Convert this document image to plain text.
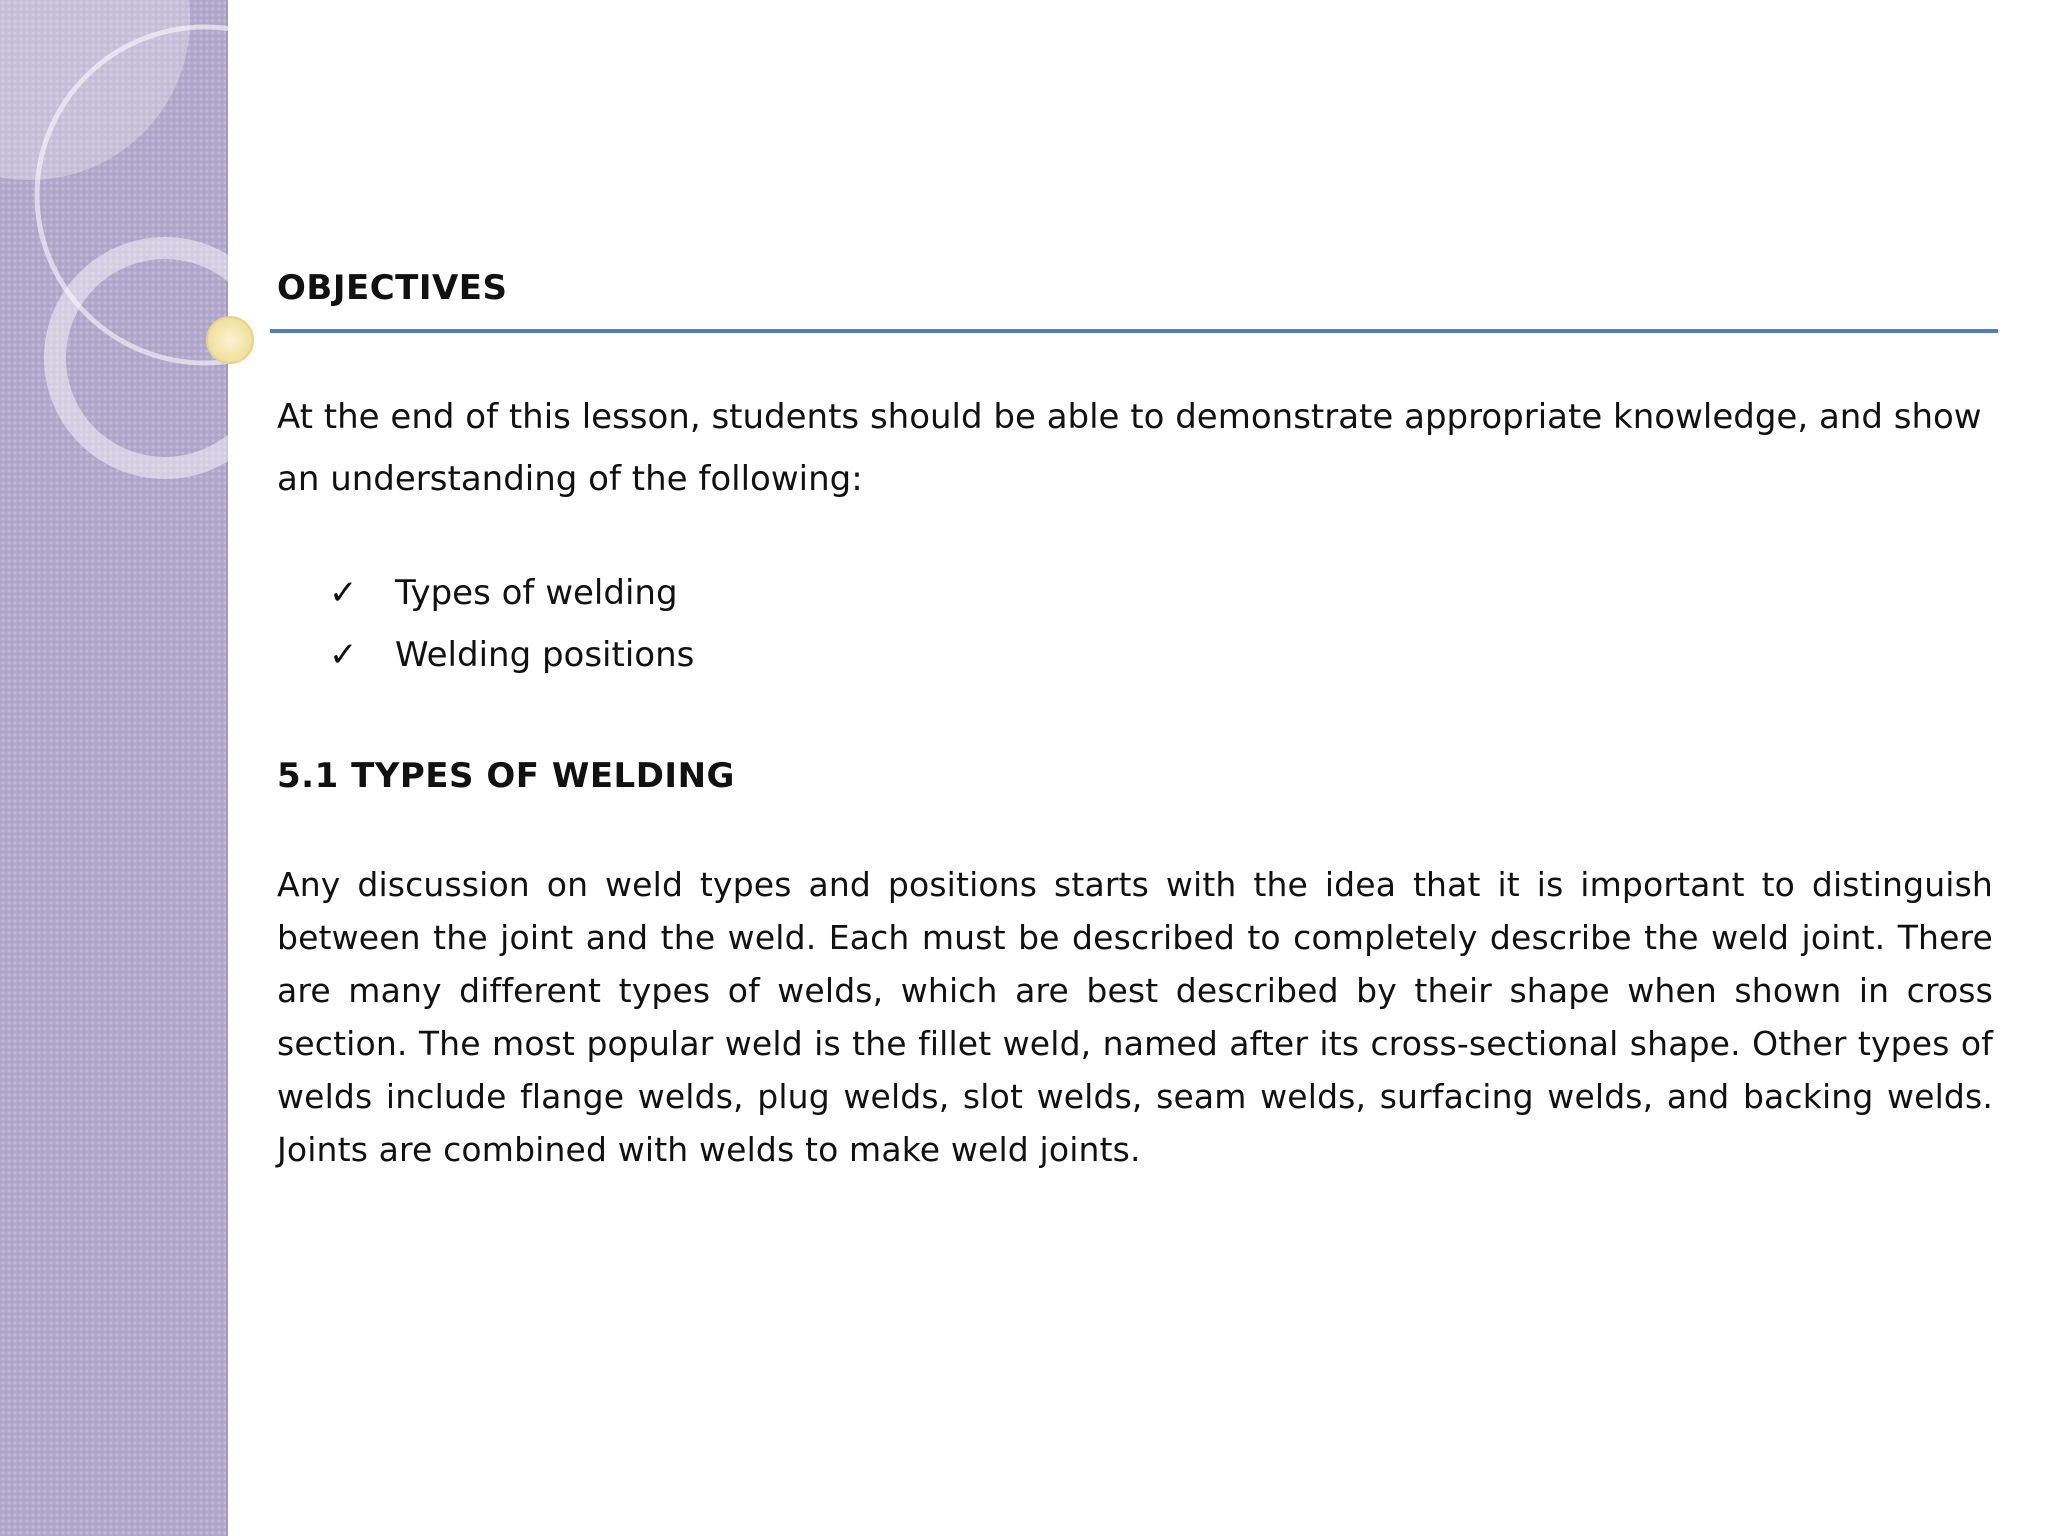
OBJECTIVES

At the end of this lesson, students should be able to demonstrate appropriate knowledge, and show an understanding of the following:

✓	Types of welding
✓	Welding positions
5.1 TYPES OF WELDING

Any discussion on weld types and positions starts with the idea that it is important to distinguish between the joint and the weld. Each must be described to completely describe the weld joint. There are many different types of welds, which are best described by their shape when shown in cross section. The most popular weld is the fillet weld, named after its cross-sectional shape. Other types of welds include flange welds, plug welds, slot welds, seam welds, surfacing welds, and backing welds. Joints are combined with welds to make weld joints.
